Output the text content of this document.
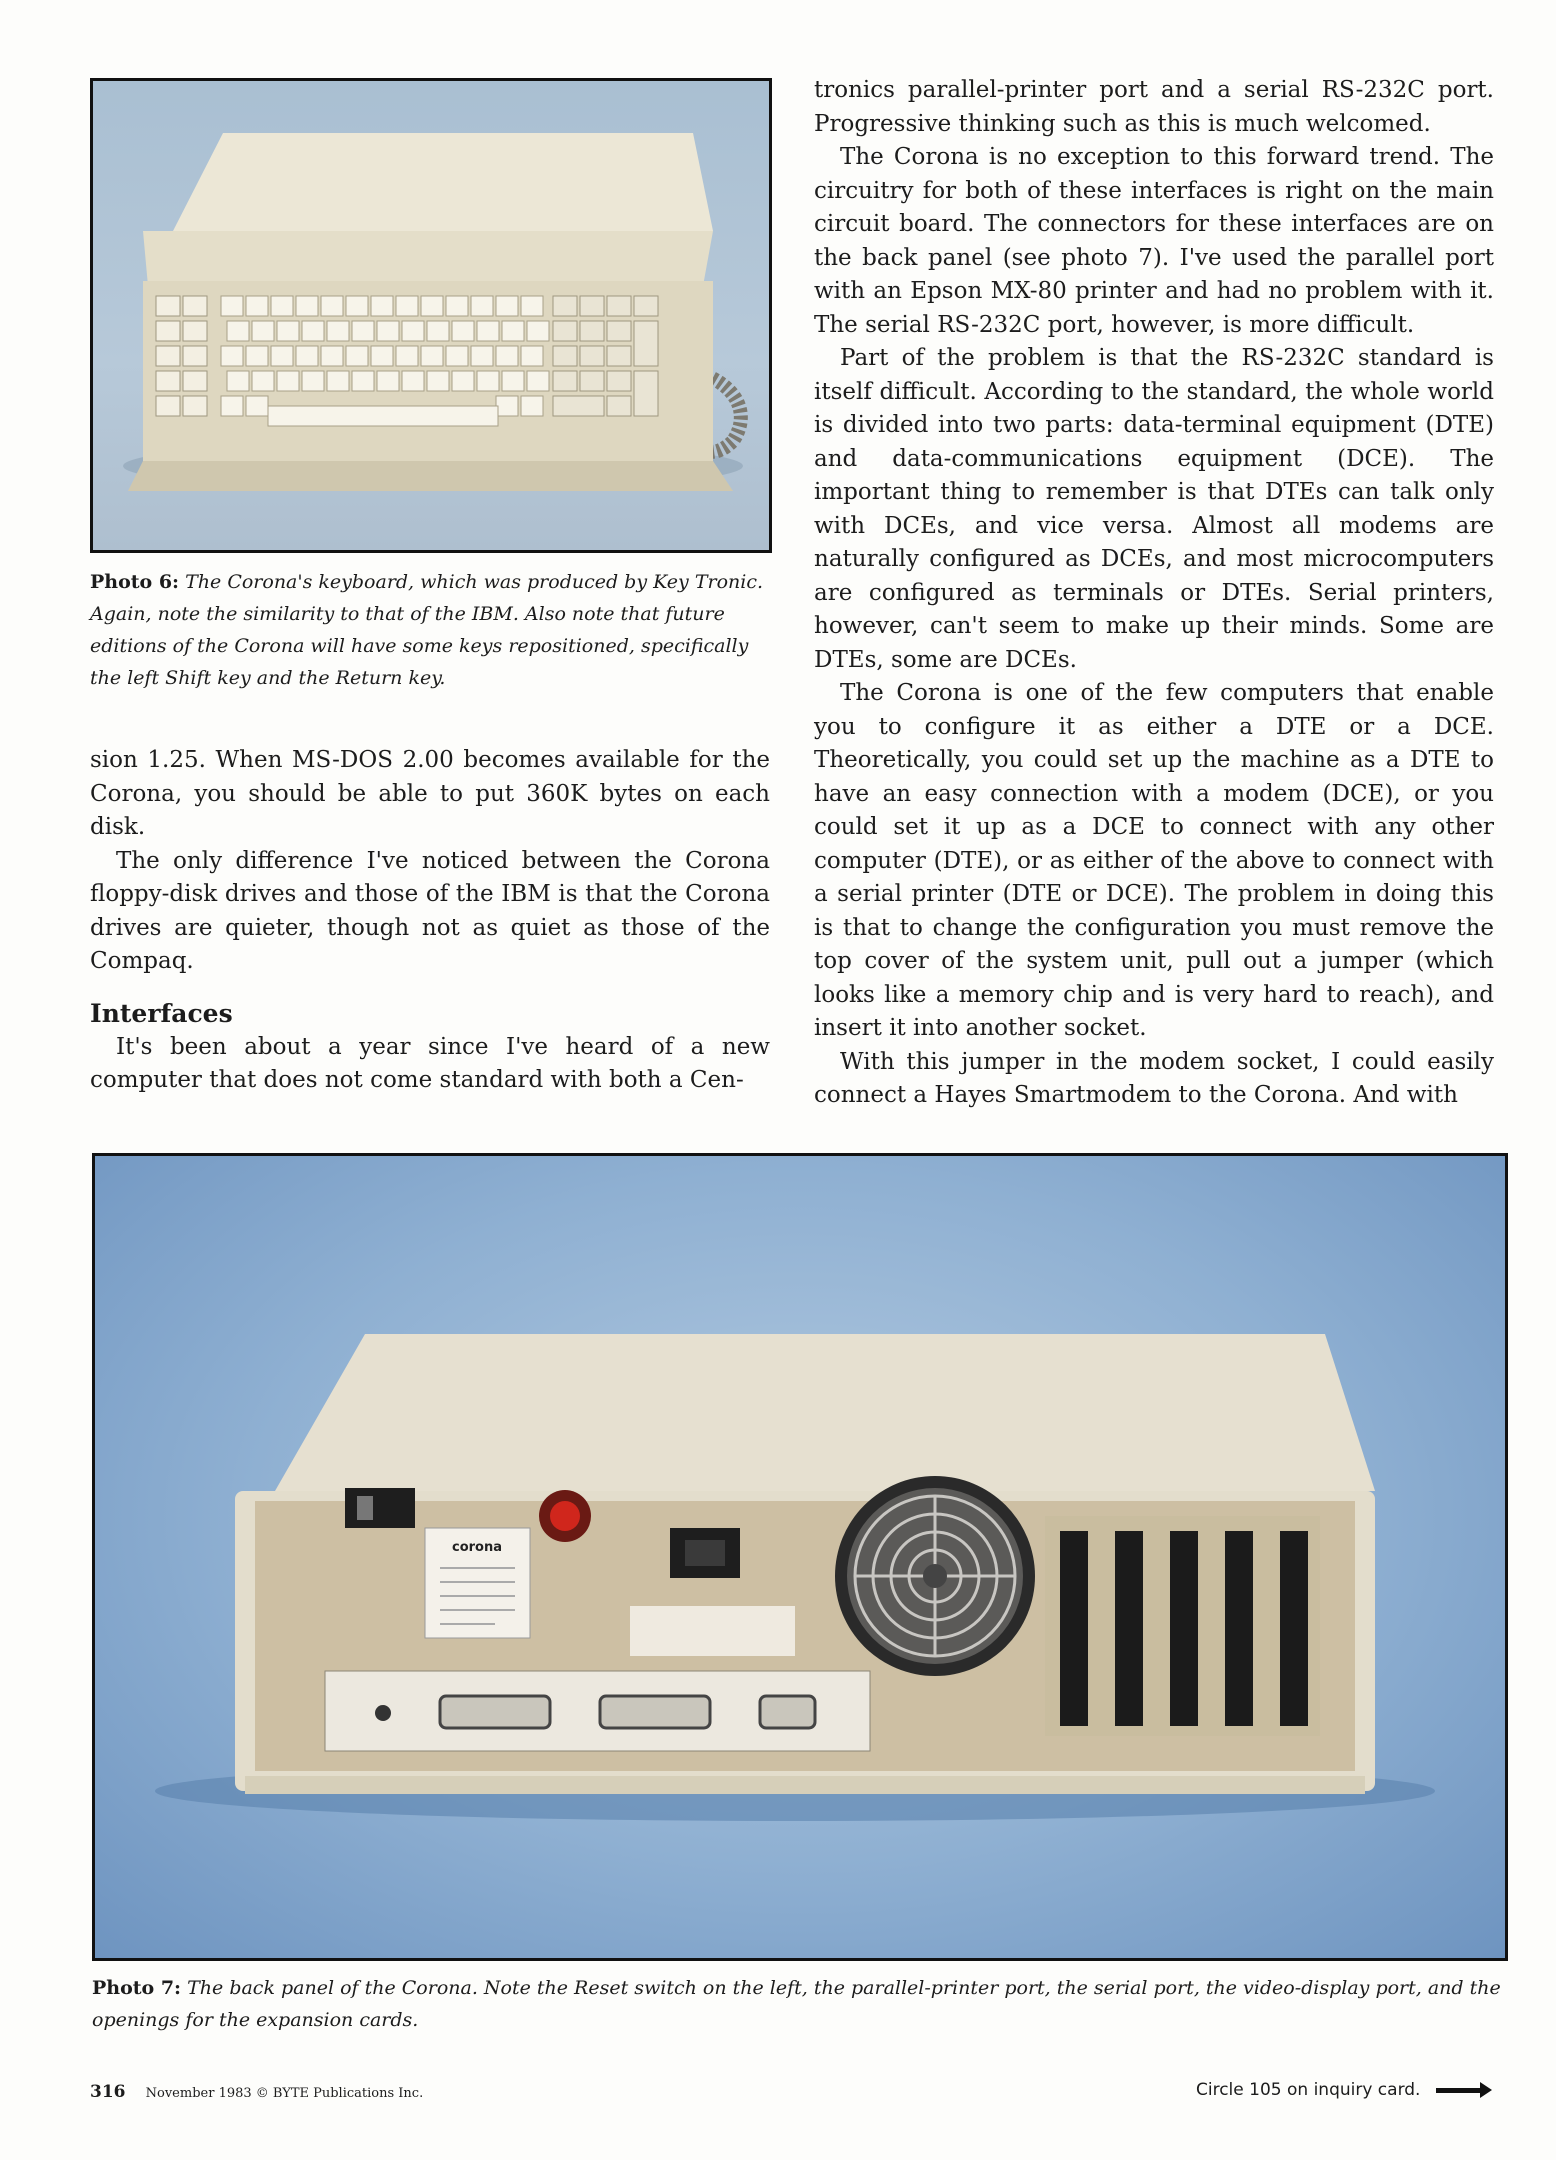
Photo 6: The Corona's keyboard, which was produced by Key Tronic. Again, note the similarity to that of the IBM. Also note that future editions of the Corona will have some keys repositioned, specifically the left Shift key and the Return key.

sion 1.25. When MS-DOS 2.00 becomes available for the Corona, you should be able to put 360K bytes on each disk.

The only difference I've noticed between the Corona floppy-disk drives and those of the IBM is that the Corona drives are quieter, though not as quiet as those of the Compaq.

Interfaces

It's been about a year since I've heard of a new computer that does not come standard with both a Cen-

tronics parallel-printer port and a serial RS-232C port. Progressive thinking such as this is much welcomed.

The Corona is no exception to this forward trend. The circuitry for both of these interfaces is right on the main circuit board. The connectors for these interfaces are on the back panel (see photo 7). I've used the parallel port with an Epson MX-80 printer and had no problem with it. The serial RS-232C port, however, is more difficult.

Part of the problem is that the RS-232C standard is itself difficult. According to the standard, the whole world is divided into two parts: data-terminal equipment (DTE) and data-communications equipment (DCE). The important thing to remember is that DTEs can talk only with DCEs, and vice versa. Almost all modems are naturally configured as DCEs, and most microcomputers are configured as terminals or DTEs. Serial printers, however, can't seem to make up their minds. Some are DTEs, some are DCEs.

The Corona is one of the few computers that enable you to configure it as either a DTE or a DCE. Theoretically, you could set up the machine as a DTE to have an easy connection with a modem (DCE), or you could set it up as a DCE to connect with any other computer (DTE), or as either of the above to connect with a serial printer (DTE or DCE). The problem in doing this is that to change the configuration you must remove the top cover of the system unit, pull out a jumper (which looks like a memory chip and is very hard to reach), and insert it into another socket.

With this jumper in the modem socket, I could easily connect a Hayes Smartmodem to the Corona. And with

corona
Photo 7: The back panel of the Corona. Note the Reset switch on the left, the parallel-printer port, the serial port, the video-display port, and the openings for the expansion cards.
316 November 1983 © BYTE Publications Inc.	Circle 105 on inquiry card.
